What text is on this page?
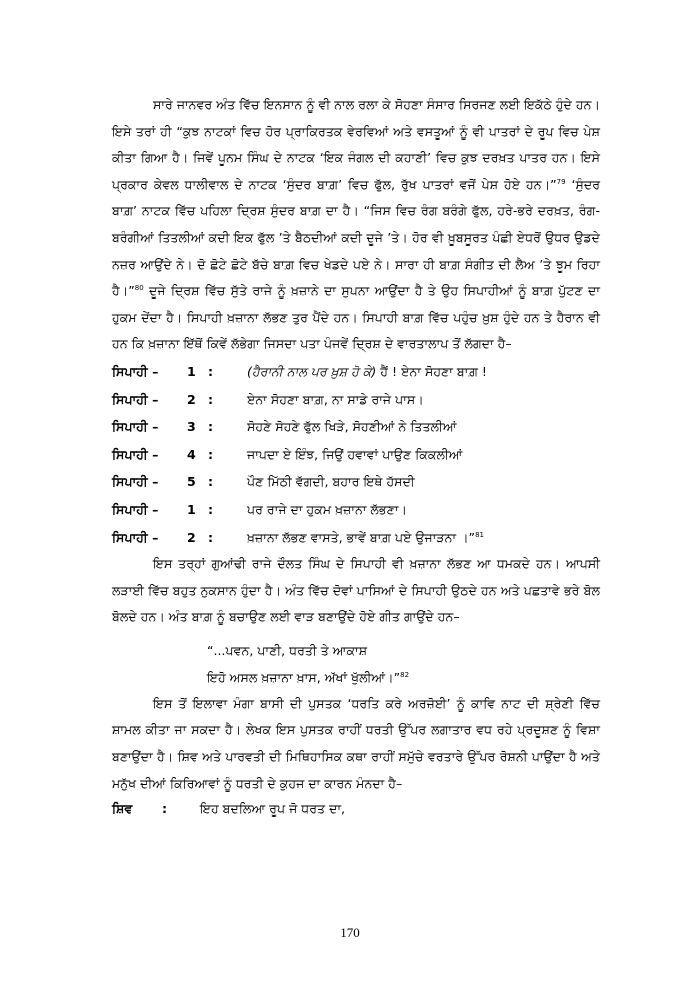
ਸਾਰੇ ਜਾਨਵਰ ਅੰਤ ਵਿੱਚ ਇਨਸਾਨ ਨੂੰ ਵੀ ਨਾਲ ਰਲਾ ਕੇ ਸੋਹਣਾ ਸੰਸਾਰ ਸਿਰਜਣ ਲਈ ਇਕੱਠੇ ਹੁੰਦੇ ਹਨ। ਇਸੇ ਤਰਾਂ ਹੀ “ਕੁਝ ਨਾਟਕਾਂ ਵਿਚ ਹੋਰ ਪ੍ਰਾਕਿਰਤਕ ਵੇਰਵਿਆਂ ਅਤੇ ਵਸਤੂਆਂ ਨੂੰ ਵੀ ਪਾਤਰਾਂ ਦੇ ਰੂਪ ਵਿਚ ਪੇਸ਼ ਕੀਤਾ ਗਿਆ ਹੈ। ਜਿਵੇਂ ਪੂਨਮ ਸਿੰਘ ਦੇ ਨਾਟਕ ‘ਇਕ ਜੰਗਲ ਦੀ ਕਹਾਣੀ’ ਵਿਚ ਕੁਝ ਦਰਖ਼ਤ ਪਾਤਰ ਹਨ। ਇਸੇ ਪ੍ਰਕਾਰ ਕੇਵਲ ਧਾਲੀਵਾਲ ਦੇ ਨਾਟਕ ‘ਸੁੰਦਰ ਬਾਗ਼’ ਵਿਚ ਫੁੱਲ, ਰੁੱਖ ਪਾਤਰਾਂ ਵਜੋਂ ਪੇਸ਼ ਹੋਏ ਹਨ।”$^{79}$ ‘ਸੁੰਦਰ ਬਾਗ਼’ ਨਾਟਕ ਵਿੱਚ ਪਹਿਲਾ ਦ੍ਰਿਸ਼ ਸੁੰਦਰ ਬਾਗ਼ ਦਾ ਹੈ। “ਜਿਸ ਵਿਚ ਰੰਗ ਬਰੰਗੇ ਫੁੱਲ, ਹਰੇ-ਭਰੇ ਦਰਖ਼ਤ, ਰੰਗ-ਬਰੰਗੀਆਂ ਤਿਤਲੀਆਂ ਕਦੀ ਇਕ ਫੁੱਲ ’ਤੇ ਬੈਠਦੀਆਂ ਕਦੀ ਦੂਜੇ ’ਤੇ। ਹੋਰ ਵੀ ਖ਼ੂਬਸੂਰਤ ਪੰਛੀ ਏਧਰੋਂ ਉਧਰ ਉਡਦੇ ਨਜ਼ਰ ਆਉਂਦੇ ਨੇ। ਦੋ ਛੋਟੇ ਛੋਟੇ ਬੱਚੇ ਬਾਗ਼ ਵਿਚ ਖੇਡਦੇ ਪਏ ਨੇ। ਸਾਰਾ ਹੀ ਬਾਗ਼ ਸੰਗੀਤ ਦੀ ਲੈਅ ’ਤੇ ਝੂਮ ਰਿਹਾ ਹੈ।”$^{80}$ ਦੂਜੇ ਦ੍ਰਿਸ਼ ਵਿੱਚ ਸੁੱਤੇ ਰਾਜੇ ਨੂੰ ਖ਼ਜ਼ਾਨੇ ਦਾ ਸੁਪਨਾ ਆਉਂਦਾ ਹੈ ਤੇ ਉਹ ਸਿਪਾਹੀਆਂ ਨੂੰ ਬਾਗ਼ ਪੁੱਟਣ ਦਾ ਹੁਕਮ ਦੇਂਦਾ ਹੈ। ਸਿਪਾਹੀ ਖ਼ਜ਼ਾਨਾ ਲੱਭਣ ਤੁਰ ਪੈਂਦੇ ਹਨ। ਸਿਪਾਹੀ ਬਾਗ਼ ਵਿੱਚ ਪਹੁੰਚ ਖ਼ੁਸ਼ ਹੁੰਦੇ ਹਨ ਤੇ ਹੈਰਾਨ ਵੀ ਹਨ ਕਿ ਖ਼ਜ਼ਾਨਾ ਇੱਥੋਂ ਕਿਵੇਂ ਲੱਭੇਗਾ ਜਿਸਦਾ ਪਤਾ ਪੰਜਵੇਂ ਦ੍ਰਿਸ਼ ਦੇ ਵਾਰਤਾਲਾਪ ਤੋਂ ਲੱਗਦਾ ਹੈ–

ਸਿਪਾਹੀ – 1 :	(ਹੈਰਾਨੀ ਨਾਲ ਪਰ ਖ਼ੁਸ਼ ਹੋ ਕੇ) ਹੈਂ ! ਏਨਾ ਸੋਹਣਾ ਬਾਗ਼ !
ਸਿਪਾਹੀ – 2 :	ਏਨਾ ਸੋਹਣਾ ਬਾਗ਼, ਨਾ ਸਾਡੇ ਰਾਜੇ ਪਾਸ।
ਸਿਪਾਹੀ – 3 :	ਸੋਹਣੇ ਸੋਹਣੇ ਫੁੱਲ ਖਿੜੇ, ਸੋਹਣੀਆਂ ਨੇ ਤਿਤਲੀਆਂ
ਸਿਪਾਹੀ – 4 :	ਜਾਪਦਾ ਏ ਇੰਝ, ਜਿਉਂ ਹਵਾਵਾਂ ਪਾਉਣ ਕਿਕਲੀਆਂ
ਸਿਪਾਹੀ – 5 :	ਪੌਣ ਮਿੱਠੀ ਵੱਗਦੀ, ਬਹਾਰ ਇਥੇ ਹੱਸਦੀ
ਸਿਪਾਹੀ – 1 :	ਪਰ ਰਾਜੇ ਦਾ ਹੁਕਮ ਖ਼ਜ਼ਾਨਾ ਲੱਭਣਾ।
ਸਿਪਾਹੀ – 2 :	ਖ਼ਜ਼ਾਨਾ ਲੱਭਣ ਵਾਸਤੇ, ਭਾਵੇਂ ਬਾਗ਼ ਪਏ ਉਜਾੜਨਾ ।”$^{81}$

ਇਸ ਤਰ੍ਹਾਂ ਗੁਆਂਢੀ ਰਾਜੇ ਦੌਲਤ ਸਿੰਘ ਦੇ ਸਿਪਾਹੀ ਵੀ ਖ਼ਜ਼ਾਨਾ ਲੱਭਣ ਆ ਧਮਕਦੇ ਹਨ। ਆਪਸੀ ਲੜਾਈ ਵਿੱਚ ਬਹੁਤ ਨੁਕਸਾਨ ਹੁੰਦਾ ਹੈ। ਅੰਤ ਵਿੱਚ ਦੋਵਾਂ ਪਾਸਿਆਂ ਦੇ ਸਿਪਾਹੀ ਉਠਦੇ ਹਨ ਅਤੇ ਪਛਤਾਵੇ ਭਰੇ ਬੋਲ ਬੋਲਦੇ ਹਨ। ਅੰਤ ਬਾਗ਼ ਨੂੰ ਬਚਾਉਣ ਲਈ ਵਾੜ ਬਣਾਉਂਦੇ ਹੋਏ ਗੀਤ ਗਾਉਂਦੇ ਹਨ–

“...ਪਵਨ, ਪਾਣੀ, ਧਰਤੀ ਤੇ ਆਕਾਸ਼
ਇਹੋ ਅਸਲ ਖ਼ਜ਼ਾਨਾ ਖ਼ਾਸ, ਅੱਖਾਂ ਖੁੱਲੀਆਂ।”$^{82}$

ਇਸ ਤੋਂ ਇਲਾਵਾ ਮੰਗਾ ਬਾਸੀ ਦੀ ਪੁਸਤਕ ‘ਧਰਤਿ ਕਰੇ ਅਰਜ਼ੋਈ’ ਨੂੰ ਕਾਵਿ ਨਾਟ ਦੀ ਸ਼੍ਰੇਣੀ ਵਿੱਚ ਸ਼ਾਮਲ ਕੀਤਾ ਜਾ ਸਕਦਾ ਹੈ। ਲੇਖਕ ਇਸ ਪੁਸਤਕ ਰਾਹੀਂ ਧਰਤੀ ਉੱਪਰ ਲਗਾਤਾਰ ਵਧ ਰਹੇ ਪ੍ਰਦੂਸ਼ਣ ਨੂੰ ਵਿਸ਼ਾ ਬਣਾਉਂਦਾ ਹੈ। ਸ਼ਿਵ ਅਤੇ ਪਾਰਵਤੀ ਦੀ ਮਿਥਿਹਾਸਿਕ ਕਥਾ ਰਾਹੀਂ ਸਮੁੱਚੇ ਵਰਤਾਰੇ ਉੱਪਰ ਰੋਸ਼ਨੀ ਪਾਉਂਦਾ ਹੈ ਅਤੇ ਮਨੁੱਖ ਦੀਆਂ ਕਿਰਿਆਵਾਂ ਨੂੰ ਧਰਤੀ ਦੇ ਕੁਹਜ ਦਾ ਕਾਰਨ ਮੰਨਦਾ ਹੈ–

ਸ਼ਿਵ :	ਇਹ ਬਦਲਿਆ ਰੂਪ ਜੋ ਧਰਤ ਦਾ,
170
